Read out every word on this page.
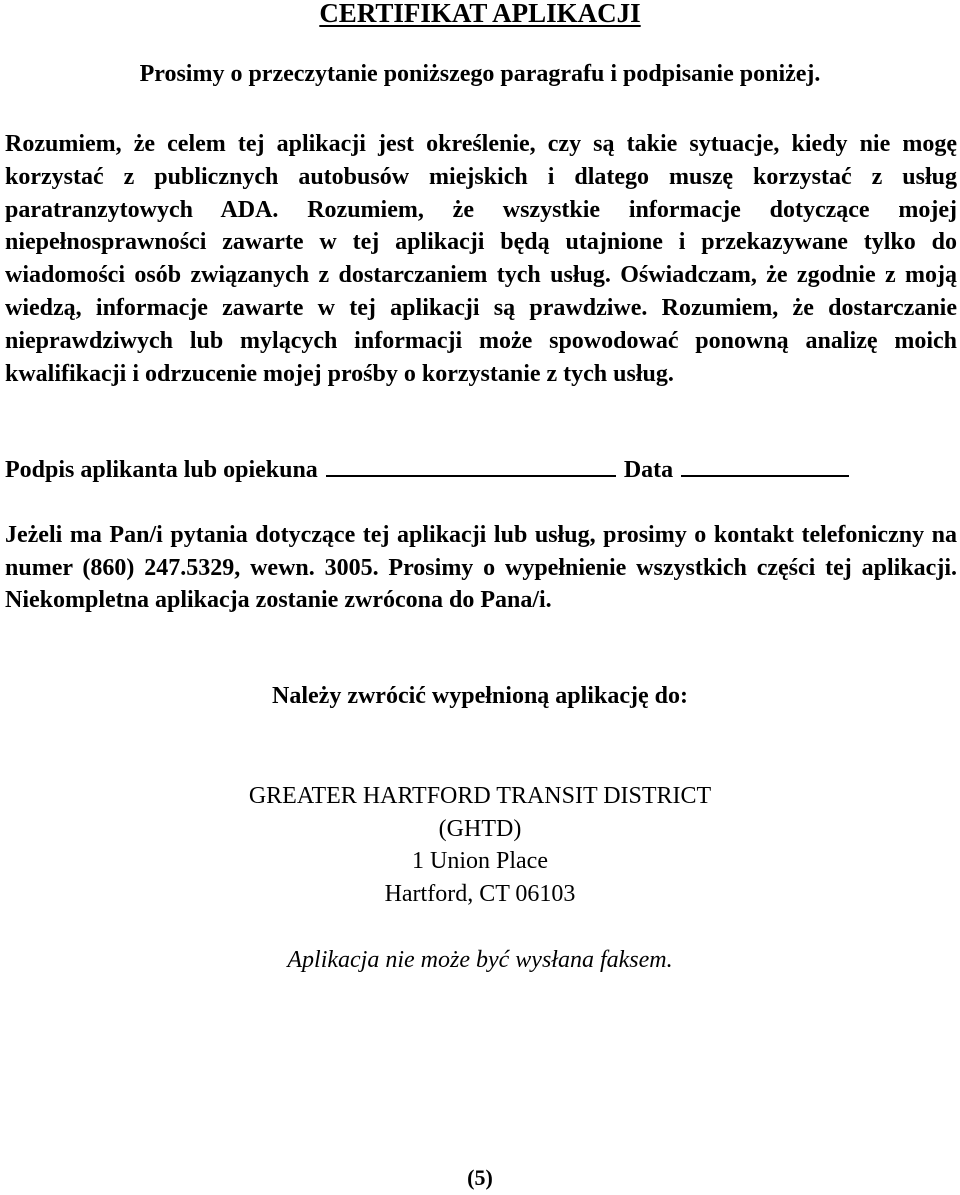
CERTIFIKAT APLIKACJI
Prosimy o przeczytanie poniższego paragrafu i podpisanie poniżej.
Rozumiem, że celem tej aplikacji jest określenie, czy są takie sytuacje, kiedy nie mogę korzystać z publicznych autobusów miejskich i dlatego muszę korzystać z usług paratranzytowych ADA. Rozumiem, że wszystkie informacje dotyczące mojej niepełnosprawności zawarte w tej aplikacji będą utajnione i przekazywane tylko do wiadomości osób związanych z dostarczaniem tych usług. Oświadczam, że zgodnie z moją wiedzą, informacje zawarte w tej aplikacji są prawdziwe. Rozumiem, że dostarczanie nieprawdziwych lub mylących informacji może spowodować ponowną analizę moich kwalifikacji i odrzucenie mojej prośby o korzystanie z tych usług.
Podpis aplikanta lub opiekuna	Data
Jeżeli ma Pan/i pytania dotyczące tej aplikacji lub usług, prosimy o kontakt telefoniczny na numer (860) 247.5329, wewn. 3005. Prosimy o wypełnienie wszystkich części tej aplikacji. Niekompletna aplikacja zostanie zwrócona do Pana/i.
Należy zwrócić wypełnioną aplikację do:
GREATER HARTFORD TRANSIT DISTRICT
(GHTD)
1 Union Place
Hartford, CT 06103
Aplikacja nie może być wysłana faksem.
(5)
